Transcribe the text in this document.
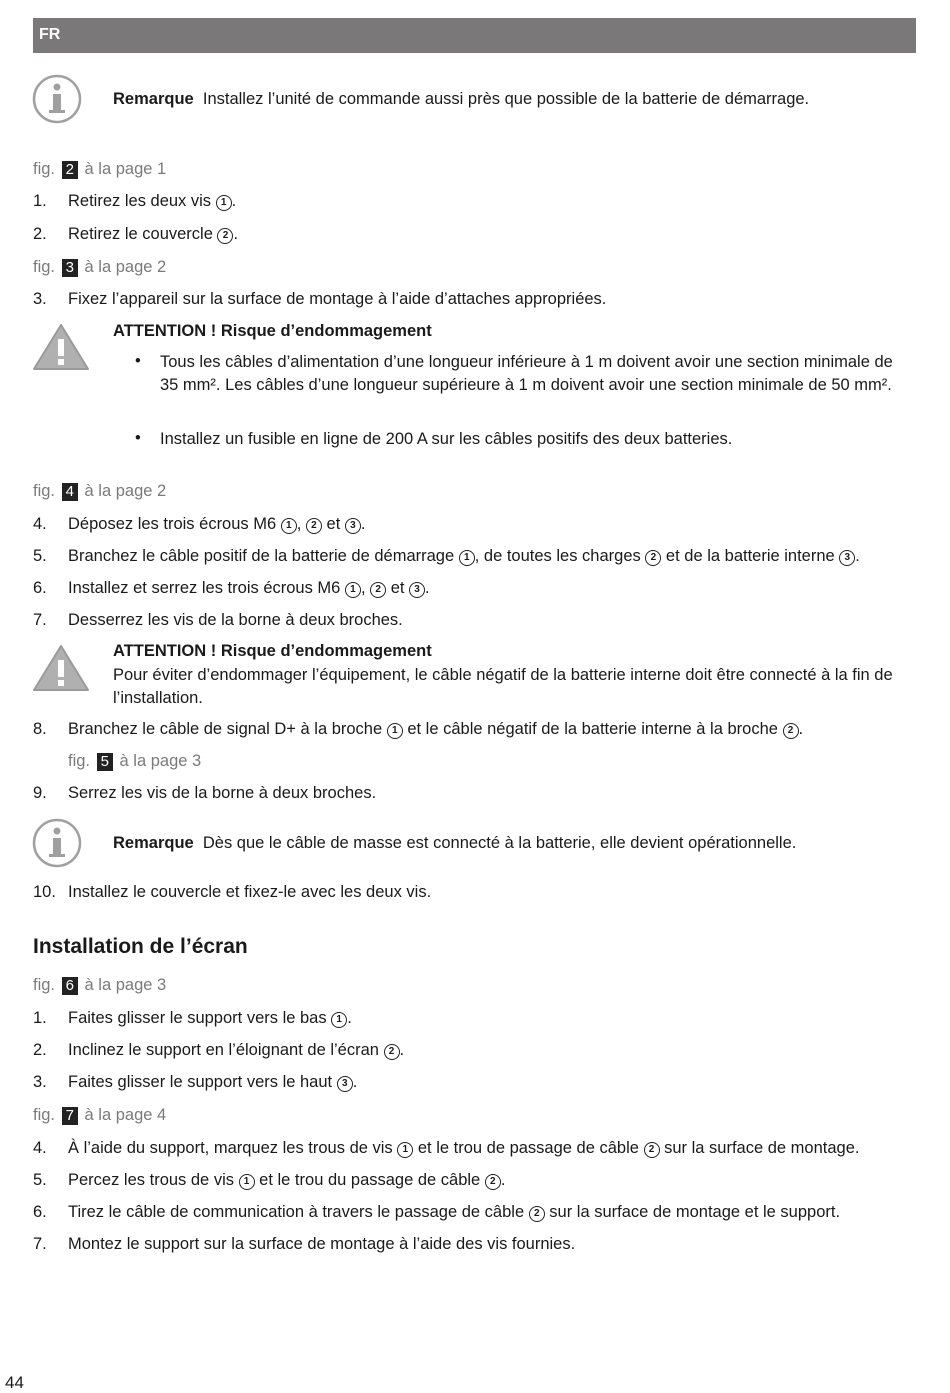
FR
Remarque Installez l’unité de commande aussi près que possible de la batterie de démarrage.
fig. 2 à la page 1
1. Retirez les deux vis 1 .
2. Retirez le couvercle 2 .
fig. 3 à la page 2
3. Fixez l’appareil sur la surface de montage à l’aide d’attaches appropriées.
ATTENTION ! Risque d’endommagement
• Tous les câbles d’alimentation d’une longueur inférieure à 1 m doivent avoir une section minimale de 35 mm². Les câbles d’une longueur supérieure à 1 m doivent avoir une section minimale de 50 mm².
• Installez un fusible en ligne de 200 A sur les câbles positifs des deux batteries.
fig. 4 à la page 2
4. Déposez les trois écrous M6 1 , 2 et 3 .
5. Branchez le câble positif de la batterie de démarrage 1 , de toutes les charges 2 et de la batterie interne 3 .
6. Installez et serrez les trois écrous M6 1 , 2 et 3 .
7. Desserrez les vis de la borne à deux broches.
ATTENTION ! Risque d’endommagement
Pour éviter d’endommager l’équipement, le câble négatif de la batterie interne doit être connecté à la fin de l’installation.
8. Branchez le câble de signal D+ à la broche 1 et le câble négatif de la batterie interne à la broche 2 .
fig. 5 à la page 3
9. Serrez les vis de la borne à deux broches.
Remarque Dès que le câble de masse est connecté à la batterie, elle devient opérationnelle.
10. Installez le couvercle et fixez-le avec les deux vis.
Installation de l’écran
fig. 6 à la page 3
1. Faites glisser le support vers le bas 1 .
2. Inclinez le support en l’éloignant de l’écran 2 .
3. Faites glisser le support vers le haut 3 .
fig. 7 à la page 4
4. À l’aide du support, marquez les trous de vis 1 et le trou de passage de câble 2 sur la surface de montage.
5. Percez les trous de vis 1 et le trou du passage de câble 2 .
6. Tirez le câble de communication à travers le passage de câble 2 sur la surface de montage et le support.
7. Montez le support sur la surface de montage à l’aide des vis fournies.
44
